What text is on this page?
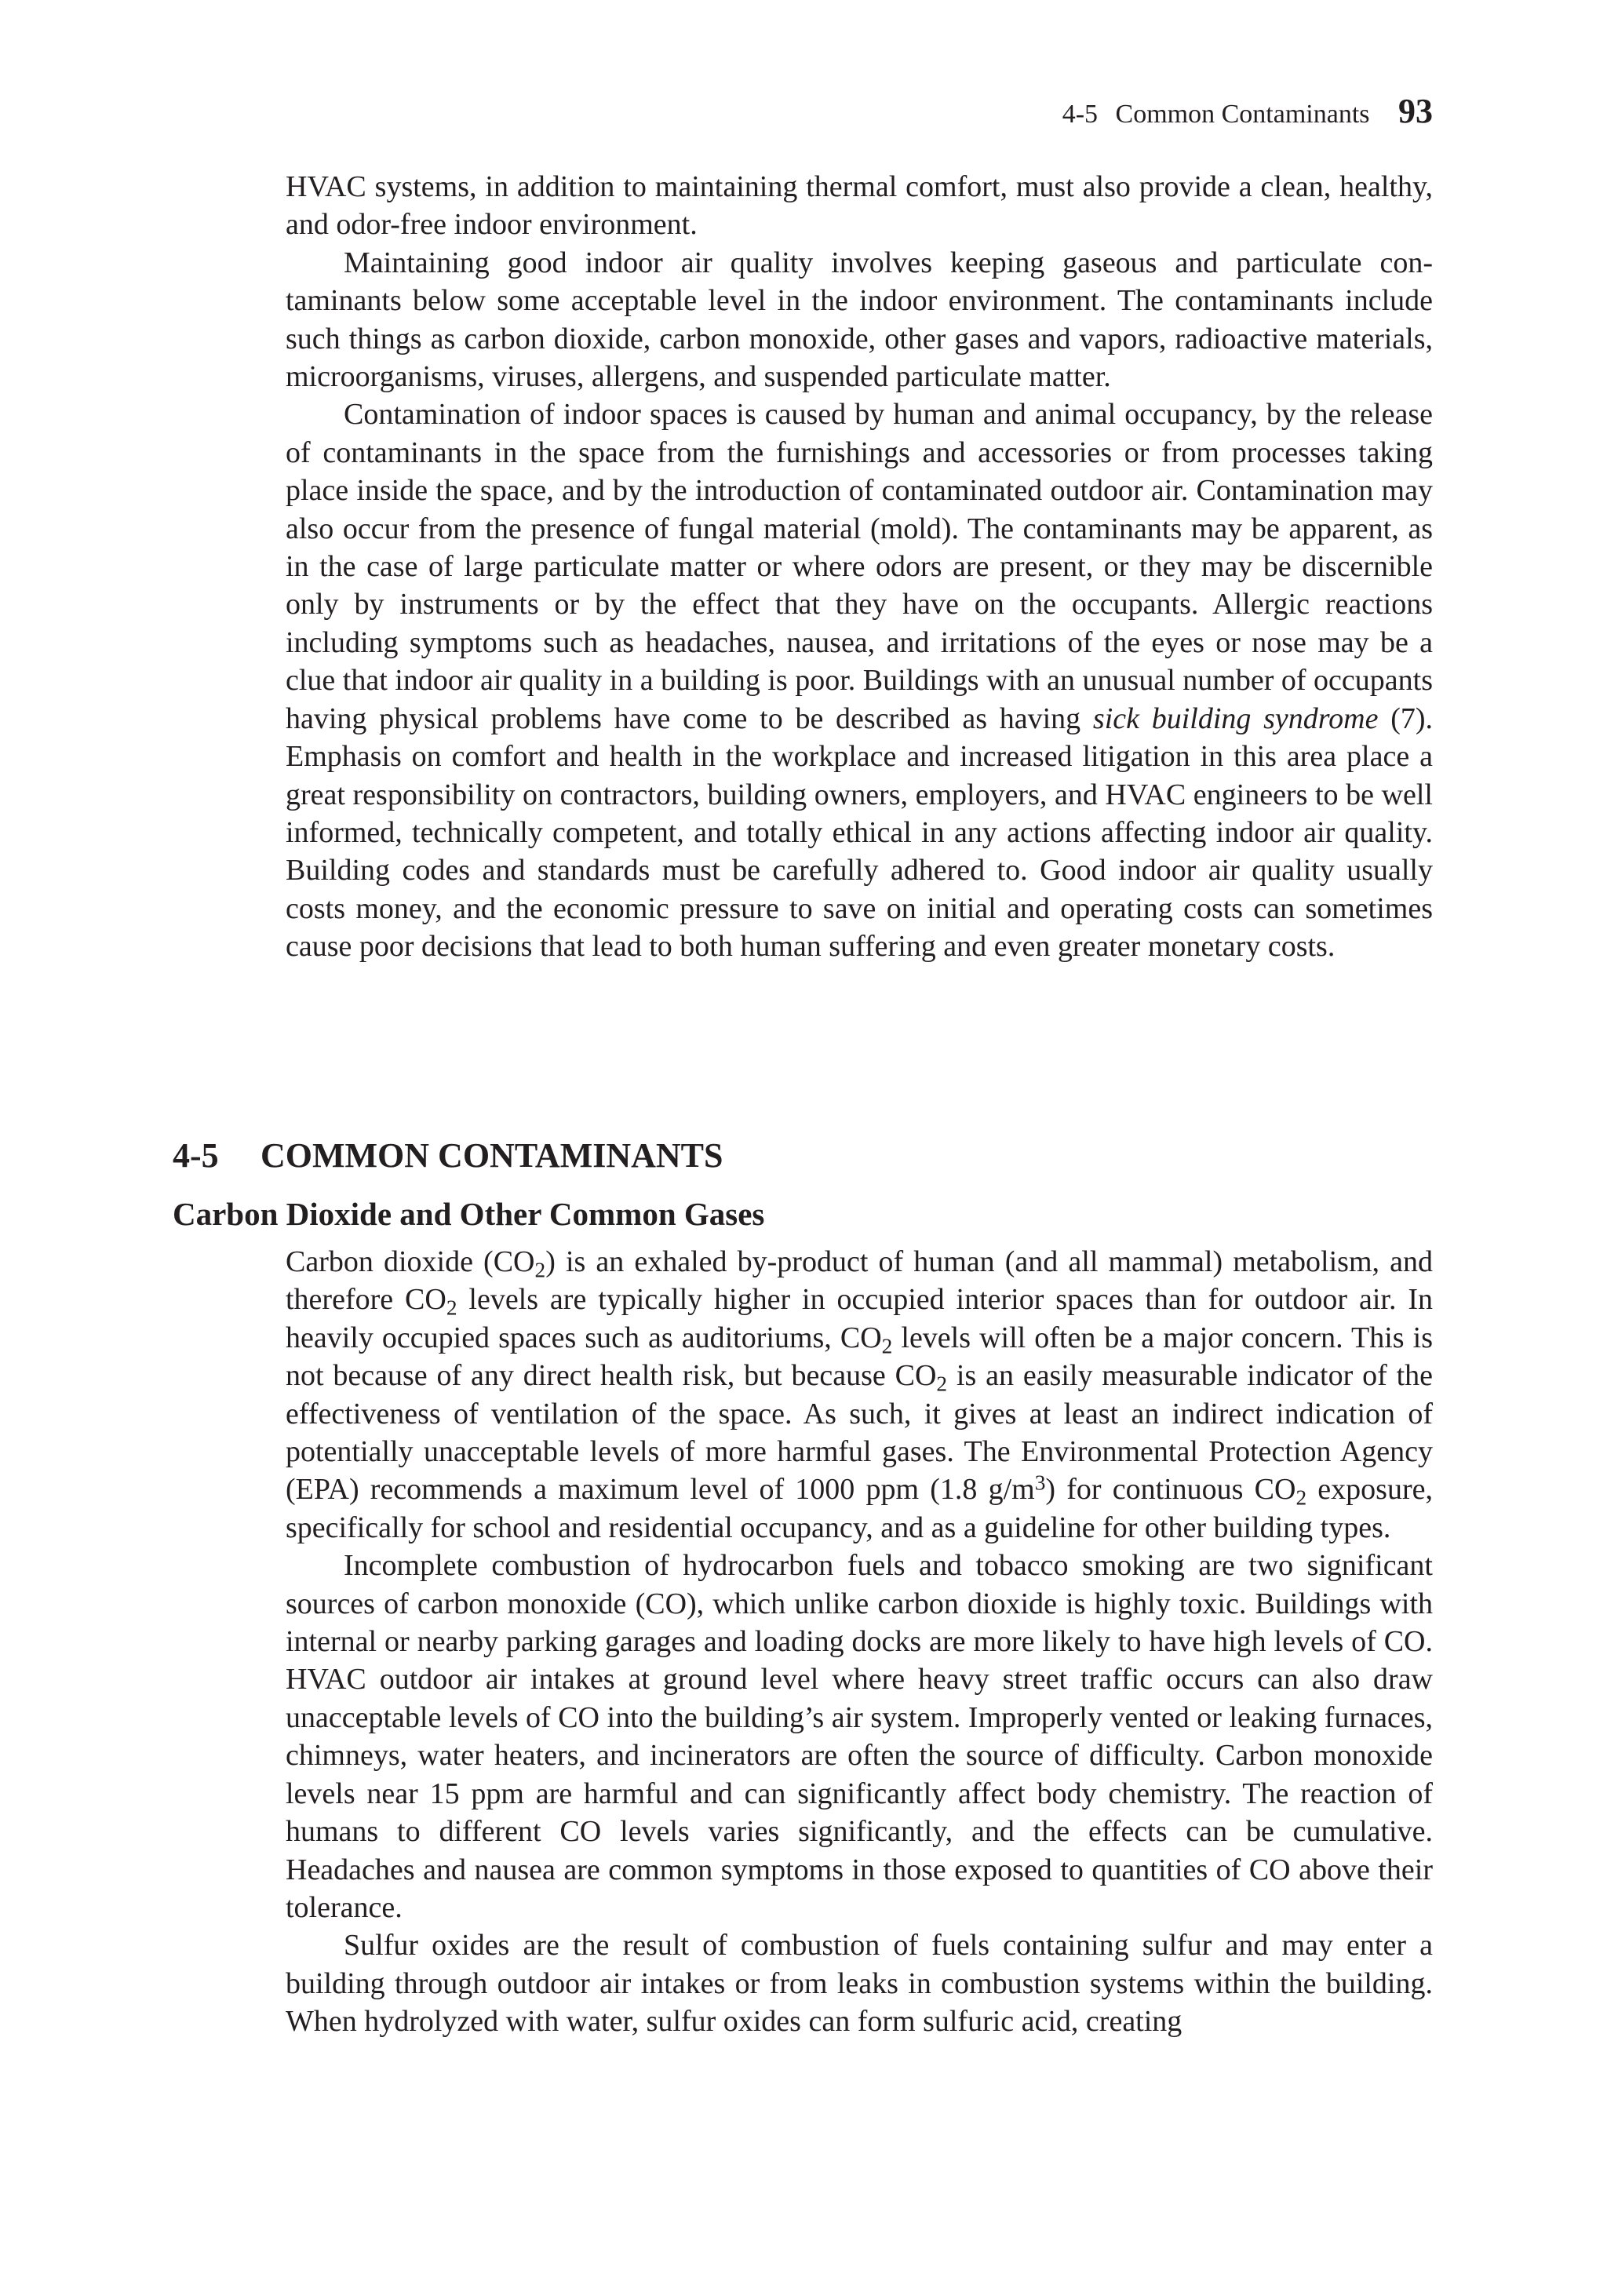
4-5 Common Contaminants 93

HVAC systems, in addition to maintaining thermal comfort, must also provide a clean, healthy, and odor-free indoor environment.

Maintaining good indoor air quality involves keeping gaseous and particulate contaminants below some acceptable level in the indoor environment. The contaminants include such things as carbon dioxide, carbon monoxide, other gases and vapors, radioactive materials, microorganisms, viruses, allergens, and suspended particulate matter.

Contamination of indoor spaces is caused by human and animal occupancy, by the release of contaminants in the space from the furnishings and accessories or from processes taking place inside the space, and by the introduction of contaminated outdoor air. Contamination may also occur from the presence of fungal material (mold). The contaminants may be apparent, as in the case of large particulate matter or where odors are present, or they may be discernible only by instruments or by the effect that they have on the occupants. Allergic reactions including symptoms such as headaches, nausea, and irritations of the eyes or nose may be a clue that indoor air quality in a building is poor. Buildings with an unusual number of occupants having physical problems have come to be described as having sick building syndrome (7). Emphasis on comfort and health in the workplace and increased litigation in this area place a great responsibility on contractors, building owners, employers, and HVAC engineers to be well informed, technically competent, and totally ethical in any actions affecting indoor air quality. Building codes and standards must be carefully adhered to. Good indoor air quality usually costs money, and the economic pressure to save on initial and operating costs can sometimes cause poor decisions that lead to both human suffering and even greater monetary costs.

4-5 COMMON CONTAMINANTS
Carbon Dioxide and Other Common Gases

Carbon dioxide $(CO_2)$ is an exhaled by-product of human (and all mammal) metabolism, and therefore $CO_2$ levels are typically higher in occupied interior spaces than for outdoor air. In heavily occupied spaces such as auditoriums, $CO_2$ levels will often be a major concern. This is not because of any direct health risk, but because $CO_2$ is an easily measurable indicator of the effectiveness of ventilation of the space. As such, it gives at least an indirect indication of potentially unacceptable levels of more harmful gases. The Environmental Protection Agency (EPA) recommends a maximum level of 1000 ppm (1.8 $g/m^3$) for continuous $CO_2$ exposure, specifically for school and residential occupancy, and as a guideline for other building types.

Incomplete combustion of hydrocarbon fuels and tobacco smoking are two significant sources of carbon monoxide (CO), which unlike carbon dioxide is highly toxic. Buildings with internal or nearby parking garages and loading docks are more likely to have high levels of CO. HVAC outdoor air intakes at ground level where heavy street traffic occurs can also draw unacceptable levels of CO into the building’s air system. Improperly vented or leaking furnaces, chimneys, water heaters, and incinerators are often the source of difficulty. Carbon monoxide levels near 15 ppm are harmful and can significantly affect body chemistry. The reaction of humans to different CO levels varies significantly, and the effects can be cumulative. Headaches and nausea are common symptoms in those exposed to quantities of CO above their tolerance.

Sulfur oxides are the result of combustion of fuels containing sulfur and may enter a building through outdoor air intakes or from leaks in combustion systems within the building. When hydrolyzed with water, sulfur oxides can form sulfuric acid, creating
